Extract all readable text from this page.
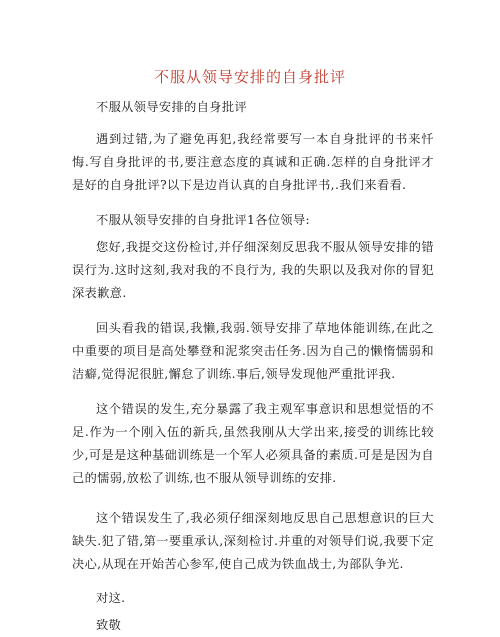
不服从领导安排的自身批评
不服从领导安排的自身批评

遇到过错,为了避免再犯,我经常要写一本自身批评的书来忏悔.写自身批评的书,要注意态度的真诚和正确.怎样的自身批评才是好的自身批评?以下是边肖认真的自身批评书,.我们来看看.

不服从领导安排的自身批评1各位领导:

您好,我提交这份检讨,并仔细深刻反思我不服从领导安排的错误行为.这时这刻,我对我的不良行为, 我的失职以及我对你的冒犯深表歉意.

回头看我的错误,我懒,我弱.领导安排了草地体能训练,在此之中重要的项目是高处攀登和泥浆突击任务.因为自己的懒惰懦弱和洁癖,觉得泥很脏,懈怠了训练.事后,领导发现他严重批评我.

这个错误的发生,充分暴露了我主观军事意识和思想觉悟的不足.作为一个刚入伍的新兵,虽然我刚从大学出来,接受的训练比较少,可是是这种基础训练是一个军人必须具备的素质.可是是因为自己的懦弱,放松了训练,也不服从领导训练的安排.

这个错误发生了,我必须仔细深刻地反思自己思想意识的巨大缺失.犯了错,第一要重承认,深刻检讨.并重的对领导们说,我要下定决心,从现在开始苦心参军,使自己成为铁血战士,为部队争光.

对这.
致敬
